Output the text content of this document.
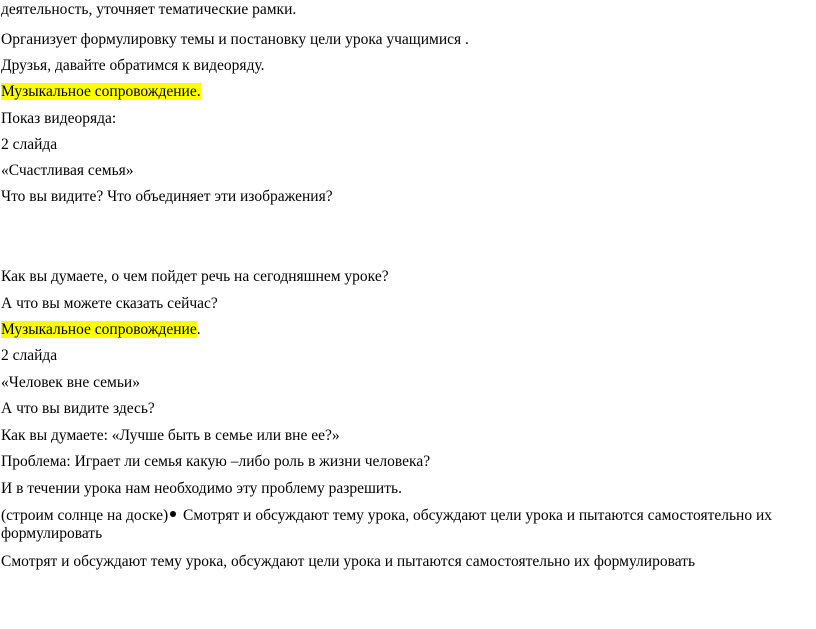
деятельность, уточняет тематические рамки.
Организует формулировку темы и постановку цели урока учащимися .
Друзья, давайте обратимся к видеоряду.
Музыкальное сопровождение.
Показ видеоряда:
2 слайда
«Счастливая семья»
Что вы видите? Что объединяет эти изображения?
Как вы думаете, о чем пойдет речь на сегодняшнем уроке?
А что вы можете сказать сейчас?
Музыкальное сопровождение.
2 слайда
«Человек вне семьи»
А что вы видите здесь?
Как вы думаете: «Лучше быть в семье или вне ее?»
Проблема: Играет ли семья какую –либо роль в жизни человека?
И в течении урока нам необходимо эту проблему разрешить.
(строим солнце на доске) Смотрят и обсуждают тему урока, обсуждают цели урока и пытаются самостоятельно их формулировать
Смотрят и обсуждают тему урока, обсуждают цели урока и пытаются самостоятельно их формулировать
